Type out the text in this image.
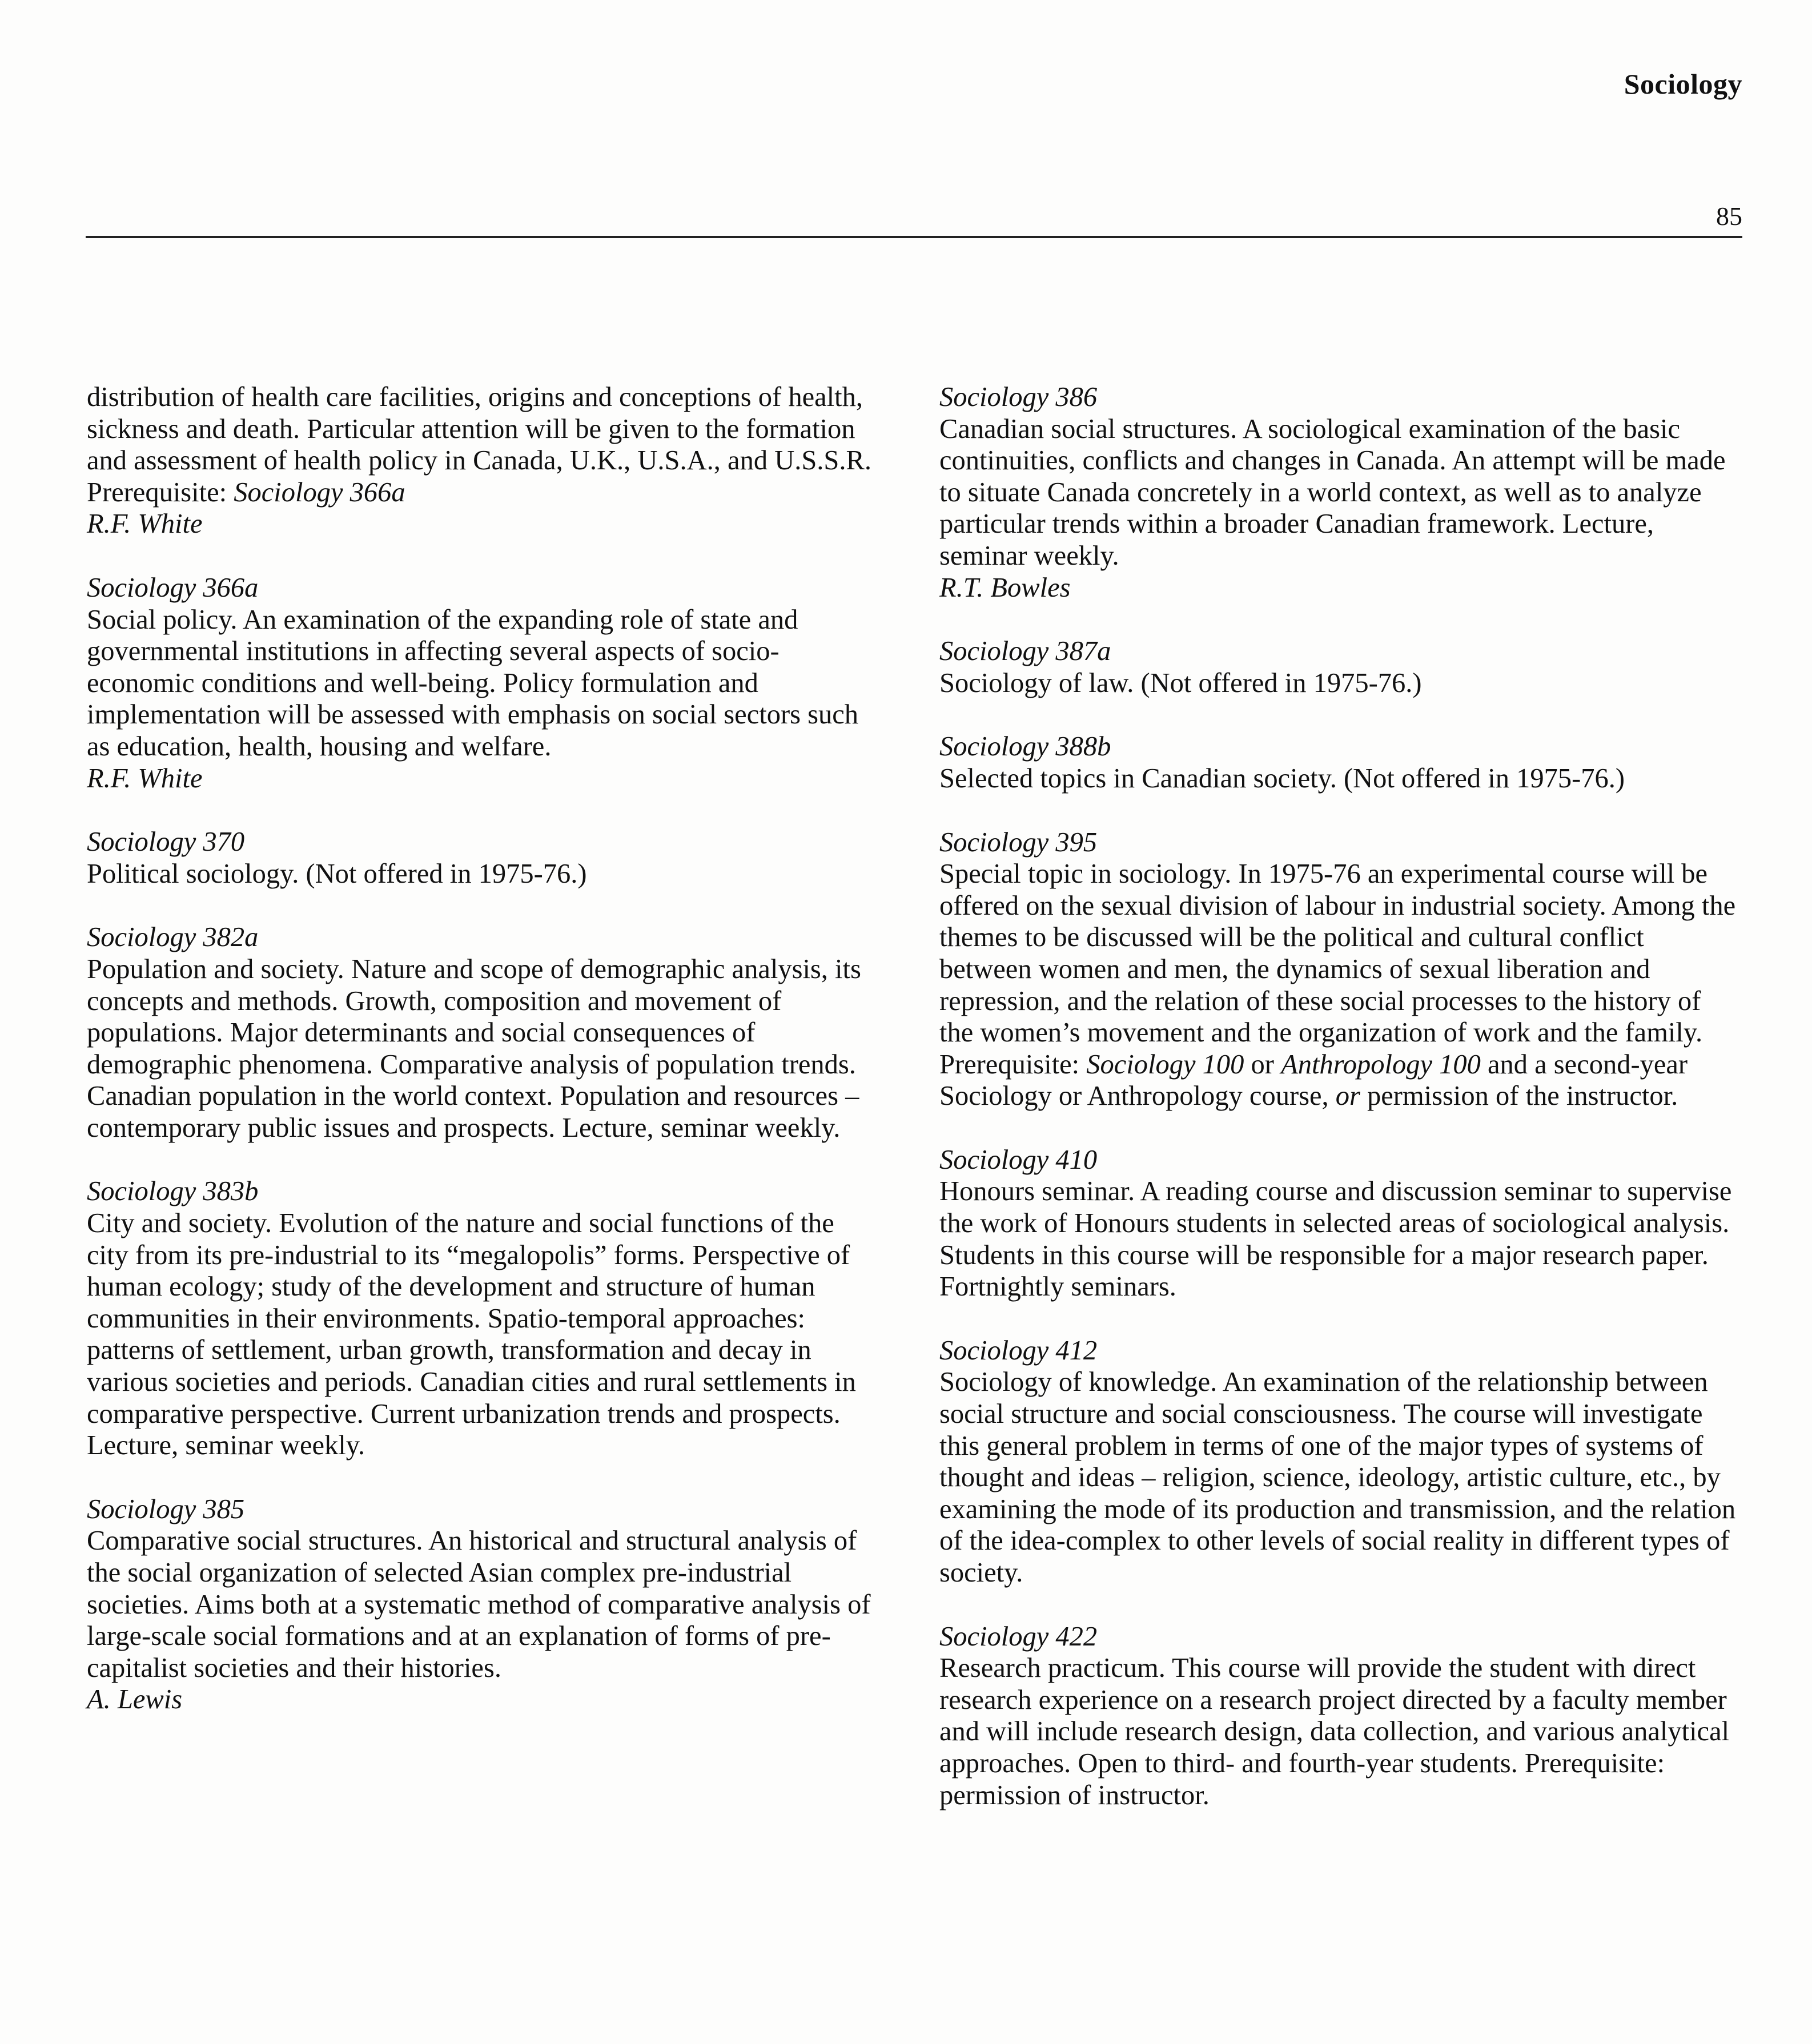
Sociology
85
distribution of health care facilities, origins and conceptions of health, sickness and death. Particular attention will be given to the formation and assessment of health policy in Canada, U.K., U.S.A., and U.S.S.R. Prerequisite: Sociology 366a
R.F. White
Sociology 366a
Social policy. An examination of the expanding role of state and governmental institutions in affecting several aspects of socio-economic conditions and well-being. Policy formulation and implementation will be assessed with emphasis on social sectors such as education, health, housing and welfare.
R.F. White
Sociology 370
Political sociology. (Not offered in 1975-76.)
Sociology 382a
Population and society. Nature and scope of demographic analysis, its concepts and methods. Growth, composition and movement of populations. Major determinants and social consequences of demographic phenomena. Comparative analysis of population trends. Canadian population in the world context. Population and resources – contemporary public issues and prospects. Lecture, seminar weekly.
Sociology 383b
City and society. Evolution of the nature and social functions of the city from its pre-industrial to its “megalopolis” forms. Perspective of human ecology; study of the development and structure of human communities in their environments. Spatio-temporal approaches: patterns of settlement, urban growth, transformation and decay in various societies and periods. Canadian cities and rural settlements in comparative perspective. Current urbanization trends and prospects. Lecture, seminar weekly.
Sociology 385
Comparative social structures. An historical and structural analysis of the social organization of selected Asian complex pre-industrial societies. Aims both at a systematic method of comparative analysis of large-scale social formations and at an explanation of forms of pre-capitalist societies and their histories.
A. Lewis
Sociology 386
Canadian social structures. A sociological examination of the basic continuities, conflicts and changes in Canada. An attempt will be made to situate Canada concretely in a world context, as well as to analyze particular trends within a broader Canadian framework. Lecture, seminar weekly.
R.T. Bowles
Sociology 387a
Sociology of law. (Not offered in 1975-76.)
Sociology 388b
Selected topics in Canadian society. (Not offered in 1975-76.)
Sociology 395
Special topic in sociology. In 1975-76 an experimental course will be offered on the sexual division of labour in industrial society. Among the themes to be discussed will be the political and cultural conflict between women and men, the dynamics of sexual liberation and repression, and the relation of these social processes to the history of the women’s movement and the organization of work and the family. Prerequisite: Sociology 100 or Anthropology 100 and a second-year Sociology or Anthropology course, or permission of the instructor.
Sociology 410
Honours seminar. A reading course and discussion seminar to supervise the work of Honours students in selected areas of sociological analysis. Students in this course will be responsible for a major research paper. Fortnightly seminars.
Sociology 412
Sociology of knowledge. An examination of the relationship between social structure and social consciousness. The course will investigate this general problem in terms of one of the major types of systems of thought and ideas – religion, science, ideology, artistic culture, etc., by examining the mode of its production and transmission, and the relation of the idea-complex to other levels of social reality in different types of society.
Sociology 422
Research practicum. This course will provide the student with direct research experience on a research project directed by a faculty member and will include research design, data collection, and various analytical approaches. Open to third- and fourth-year students. Prerequisite: permission of instructor.
